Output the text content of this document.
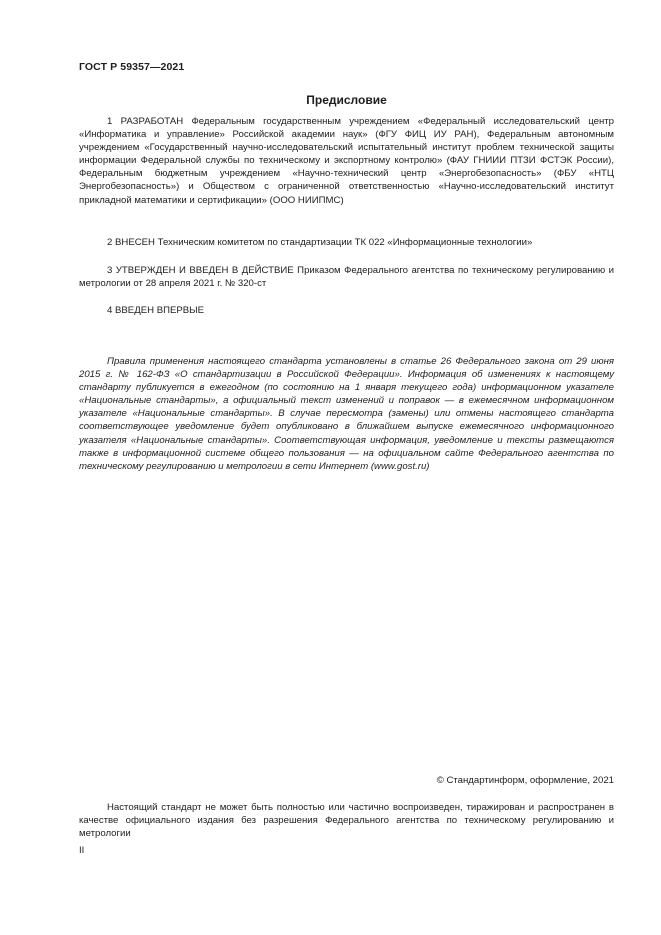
ГОСТ Р 59357—2021
Предисловие

1 РАЗРАБОТАН Федеральным государственным учреждением «Федеральный исследовательский центр «Информатика и управление» Российской академии наук» (ФГУ ФИЦ ИУ РАН), Федеральным автономным учреждением «Государственный научно-исследовательский испытательный институт проблем технической защиты информации Федеральной службы по техническому и экспортному контролю» (ФАУ ГНИИИ ПТЗИ ФСТЭК России), Федеральным бюджетным учреждением «Научно-технический центр «Энергобезопасность» (ФБУ «НТЦ Энергобезопасность») и Обществом с ограниченной ответственностью «Научно-исследовательский институт прикладной математики и сертификации» (ООО НИИПМС)

2 ВНЕСЕН Техническим комитетом по стандартизации ТК 022 «Информационные технологии»

3 УТВЕРЖДЕН И ВВЕДЕН В ДЕЙСТВИЕ Приказом Федерального агентства по техническому регулированию и метрологии от 28 апреля 2021 г. № 320-ст

4 ВВЕДЕН ВПЕРВЫЕ

Правила применения настоящего стандарта установлены в статье 26 Федерального закона от 29 июня 2015 г. № 162-ФЗ «О стандартизации в Российской Федерации». Информация об изменениях к настоящему стандарту публикуется в ежегодном (по состоянию на 1 января текущего года) информационном указателе «Национальные стандарты», а официальный текст изменений и поправок — в ежемесячном информационном указателе «Национальные стандарты». В случае пересмотра (замены) или отмены настоящего стандарта соответствующее уведомление будет опубликовано в ближайшем выпуске ежемесячного информационного указателя «Национальные стандарты». Соответствующая информация, уведомление и тексты размещаются также в информационной системе общего пользования — на официальном сайте Федерального агентства по техническому регулированию и метрологии в сети Интернет (www.gost.ru)

© Стандартинформ, оформление, 2021

Настоящий стандарт не может быть полностью или частично воспроизведен, тиражирован и распространен в качестве официального издания без разрешения Федерального агентства по техническому регулированию и метрологии

II
